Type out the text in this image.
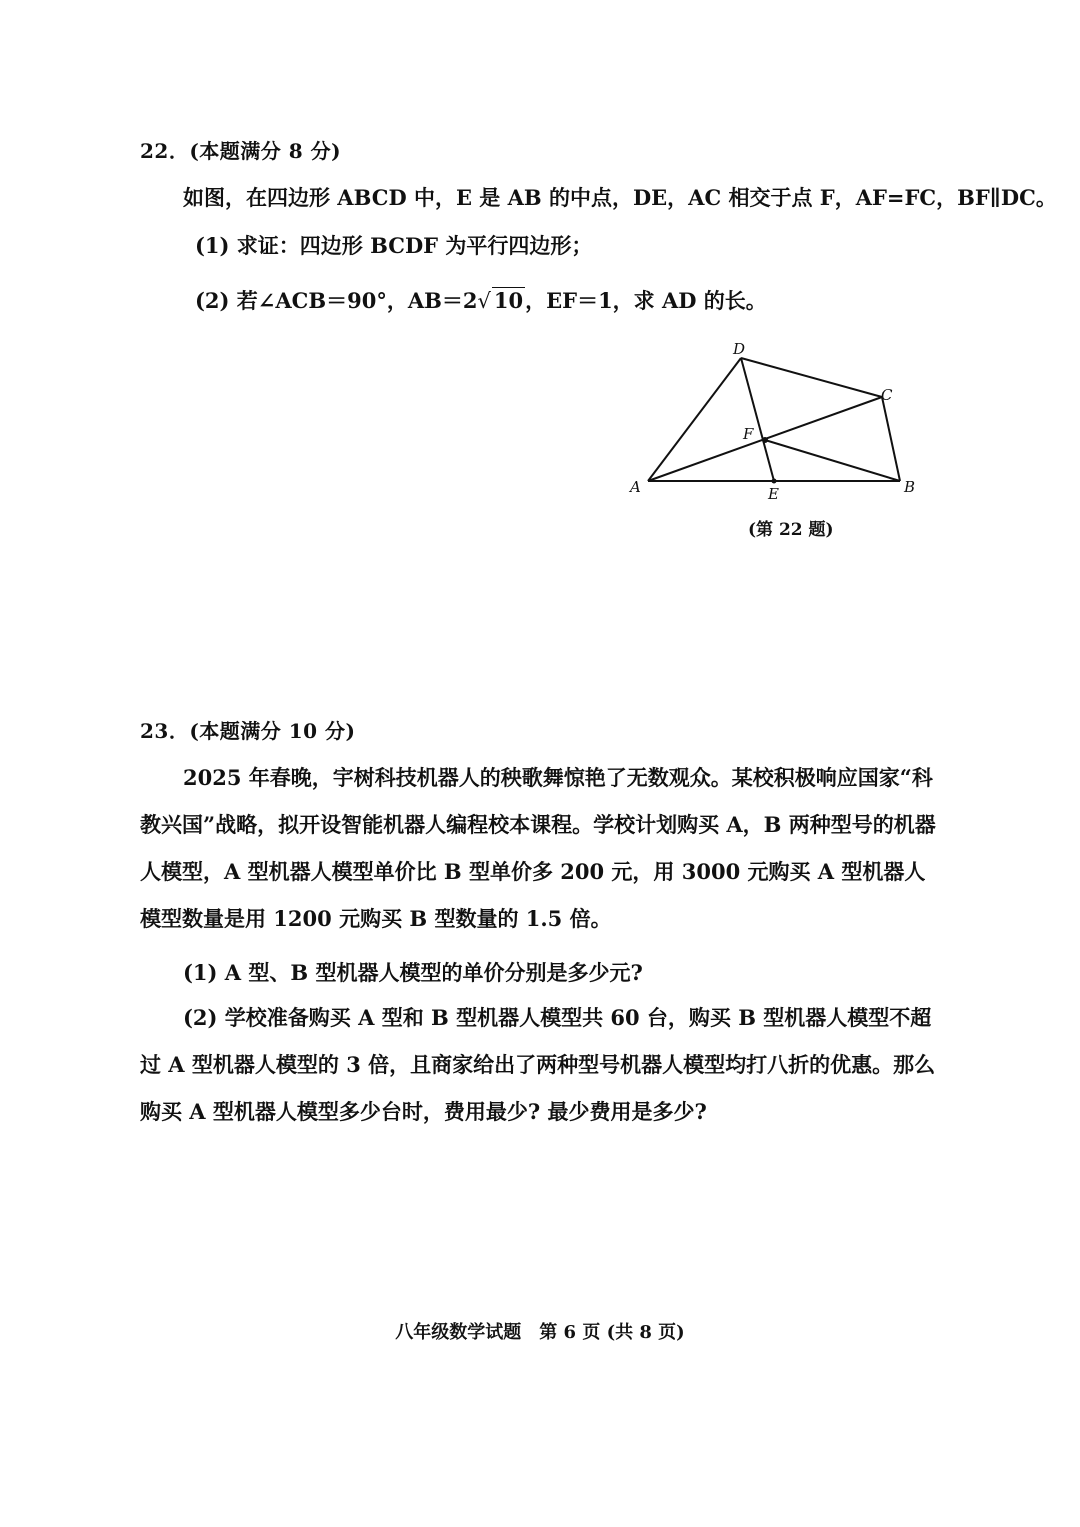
22．(本题满分 8 分)
如图，在四边形 ABCD 中，E 是 AB 的中点，DE，AC 相交于点 F，AF=FC，BF∥DC。
(1) 求证：四边形 BCDF 为平行四边形；
(2) 若∠ACB＝90°，AB＝2√ 10，EF＝1，求 AD 的长。
A	B
C
D
E
F
(第 22 题)
23．(本题满分 10 分)
2025 年春晚，宇树科技机器人的秧歌舞惊艳了无数观众。某校积极响应国家“科教兴国”战略，拟开设智能机器人编程校本课程。学校计划购买 A，B 两种型号的机器人模型，A 型机器人模型单价比 B 型单价多 200 元，用 3000 元购买 A 型机器人模型数量是用 1200 元购买 B 型数量的 1.5 倍。
(1) A 型、B 型机器人模型的单价分别是多少元?
(2) 学校准备购买 A 型和 B 型机器人模型共 60 台，购买 B 型机器人模型不超过 A 型机器人模型的 3 倍，且商家给出了两种型号机器人模型均打八折的优惠。那么购买 A 型机器人模型多少台时，费用最少? 最少费用是多少?
八年级数学试题　第 6 页 (共 8 页)
